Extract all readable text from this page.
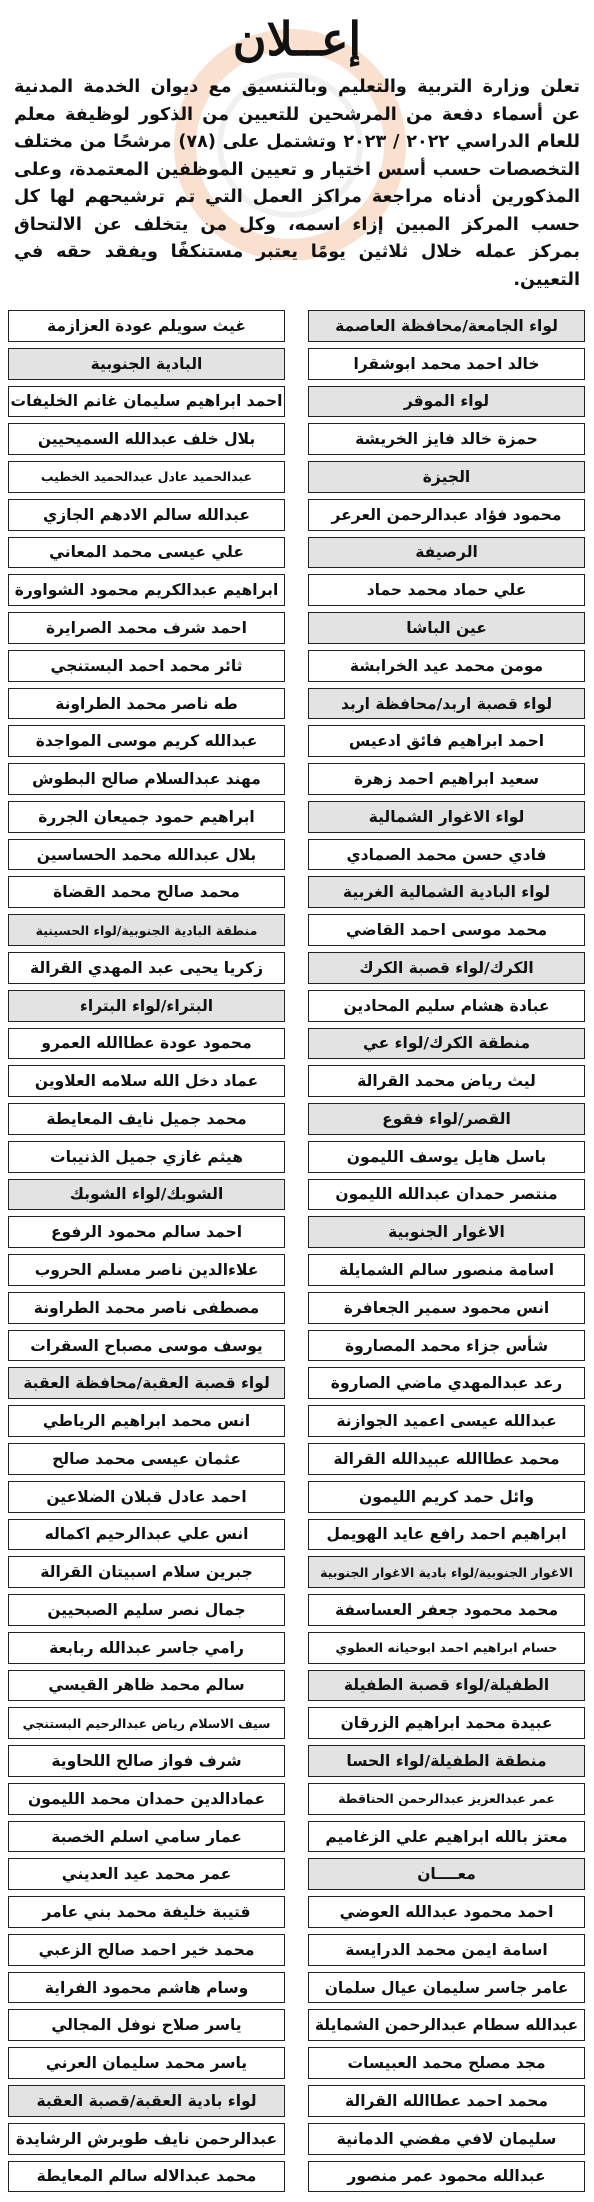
إعــلان
تعلن وزارة التربية والتعليم وبالتنسيق مع ديوان الخدمة المدنية عن أسماء دفعة من المرشحين للتعيين من الذكور لوظيفة معلم للعام الدراسي ٢٠٢٢ / ٢٠٢٣ وتشتمل على (٧٨) مرشحًا من مختلف التخصصات حسب أسس اختيار و تعيين الموظفين المعتمدة، وعلى المذكورين أدناه مراجعة مراكز العمل التي تم ترشيحهم لها كل حسب المركز المبين إزاء اسمه، وكل من يتخلف عن الالتحاق بمركز عمله خلال ثلاثين يومًا يعتبر مستنكفًا ويفقد حقه في التعيين.
لواء الجامعة/محافظة العاصمة
خالد احمد محمد ابوشقرا
لواء الموقر
حمزة خالد فايز الخريشة
الجيزة
محمود فؤاد عبدالرحمن العرعر
الرصيفة
علي حماد محمد حماد
عين الباشا
مومن محمد عيد الخرابشة
لواء قصبة اربد/محافظة اربد
احمد ابراهيم فائق ادعيس
سعيد ابراهيم احمد زهرة
لواء الاغوار الشمالية
فادي حسن محمد الصمادي
لواء البادية الشمالية الغربية
محمد موسى احمد القاضي
الكرك/لواء قصبة الكرك
عبادة هشام سليم المحادين
منطقة الكرك/لواء عي
ليث رياض محمد القرالة
القصر/لواء فقوع
باسل هايل يوسف الليمون
منتصر حمدان عبدالله الليمون
الاغوار الجنوبية
اسامة منصور سالم الشمايلة
انس محمود سمير الجعافرة
شأس جزاء محمد المصاروة
رعد عبدالمهدي ماضي الصاروة
عبدالله عيسى اعميد الجوازنة
محمد عطاالله عبيدالله القرالة
وائل حمد كريم الليمون
ابراهيم احمد رافع عايد الهويمل
الاغوار الجنوبية/لواء بادية الاغوار الجنوبية
محمد محمود جعفر العساسفة
حسام ابراهيم احمد ابوحيانه العطوي
الطفيلة/لواء قصبة الطفيلة
عبيدة محمد ابراهيم الزرقان
منطقة الطفيلة/لواء الحسا
عمر عبدالعزيز عبدالرحمن الحناقطة
معتز بالله ابراهيم علي الزغاميم
معــــان
احمد محمود عبدالله العوضي
اسامة ايمن محمد الدرايسة
عامر جاسر سليمان عيال سلمان
عبدالله سطام عبدالرحمن الشمايلة
مجد مصلح محمد العبيسات
محمد احمد عطاالله القرالة
سليمان لافي مفضي الدمانية
عبدالله محمود عمر منصور
غيث سويلم عودة العزازمة
البادية الجنوبية
احمد ابراهيم سليمان غانم الخليفات
بلال خلف عبدالله السميحيين
عبدالحميد عادل عبدالحميد الخطيب
عبدالله سالم الادهم الجازي
علي عيسى محمد المعاني
ابراهيم عبدالكريم محمود الشواورة
احمد شرف محمد الصرايرة
ثائر محمد احمد البستنجي
طه ناصر محمد الطراونة
عبدالله كريم موسى المواجدة
مهند عبدالسلام صالح البطوش
ابراهيم حمود جميعان الجررة
بلال عبدالله محمد الحساسين
محمد صالح محمد القضاة
منطقة البادية الجنوبية/لواء الحسينية
زكريا يحيى عبد المهدي القرالة
البتراء/لواء البتراء
محمود عودة عطاالله العمرو
عماد دخل الله سلامه العلاوين
محمد جميل نايف المعايطة
هيثم غازي جميل الذنيبات
الشوبك/لواء الشوبك
احمد سالم محمود الرفوع
علاءالدين ناصر مسلم الحروب
مصطفى ناصر محمد الطراونة
يوسف موسى مصباح السقرات
لواء قصبة العقبة/محافظة العقبة
انس محمد ابراهيم الرياطي
عثمان عيسى محمد صالح
احمد عادل قبلان الضلاعين
انس علي عبدالرحيم اكماله
جبرين سلام اسبيتان القرالة
جمال نصر سليم الصبحيين
رامي جاسر عبدالله ربابعة
سالم محمد ظاهر القيسي
سيف الاسلام رياض عبدالرحيم البستنجي
شرف فواز صالح اللحاوية
عمادالدين حمدان محمد الليمون
عمار سامي اسلم الخصبة
عمر محمد عيد العديني
قتيبة خليفة محمد بني عامر
محمد خير احمد صالح الزعبي
وسام هاشم محمود الفراية
ياسر صلاح نوفل المجالي
ياسر محمد سليمان العرني
لواء بادية العقبة/قصبة العقبة
عبدالرحمن نايف طويرش الرشايدة
محمد عبدالاله سالم المعايطة
